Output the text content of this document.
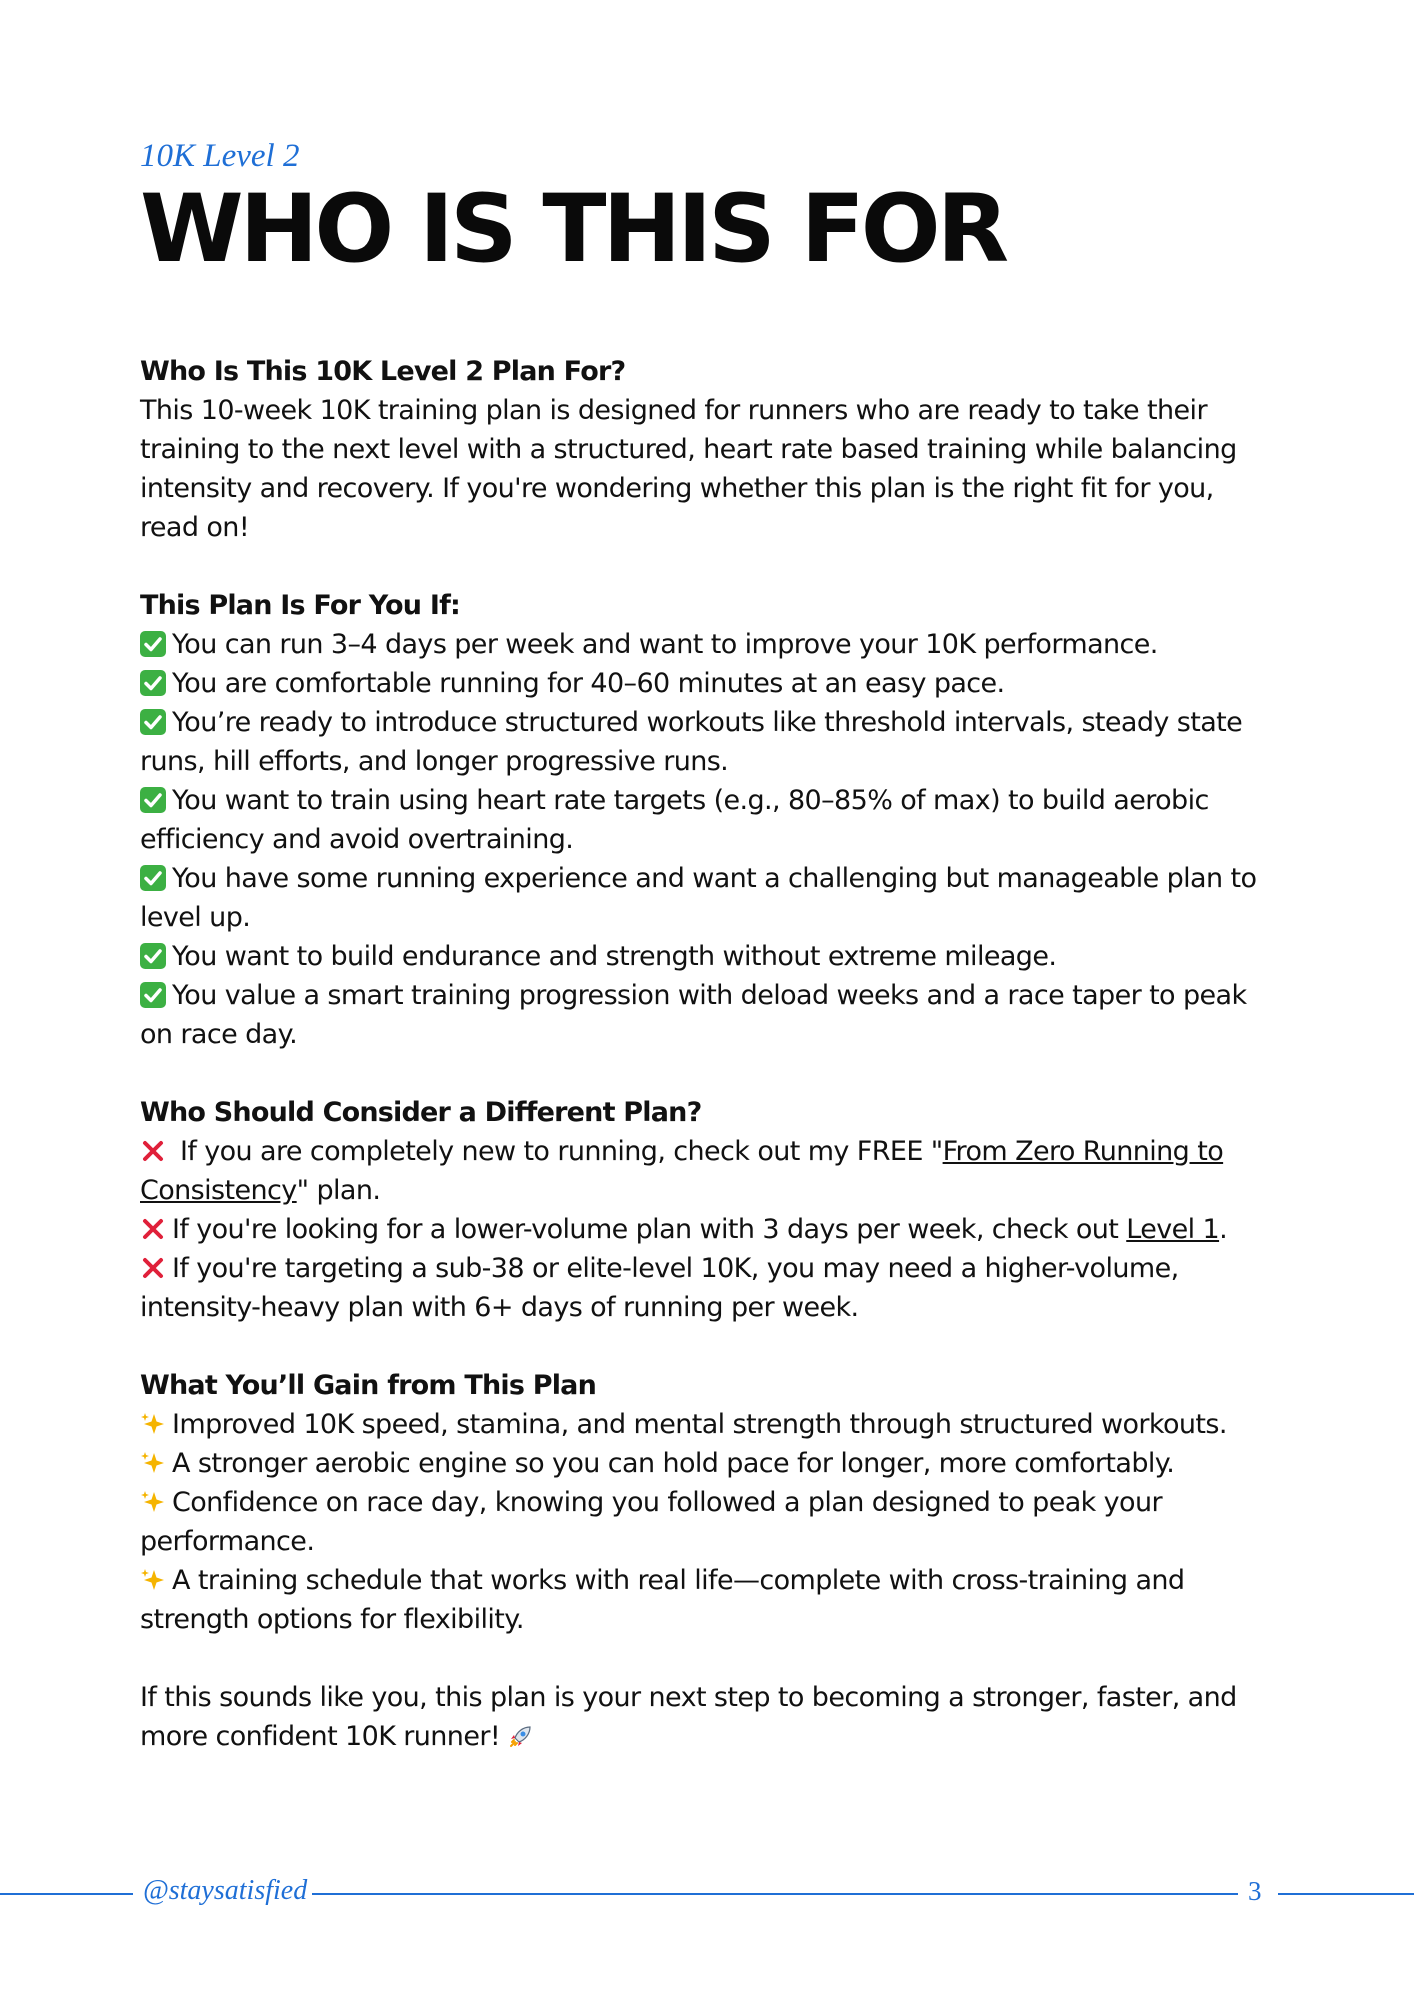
10K Level 2
WHO IS THIS FOR

Who Is This 10K Level 2 Plan For?

This 10-week 10K training plan is designed for runners who are ready to take their training to the next level with a structured, heart rate based training while balancing intensity and recovery. If you're wondering whether this plan is the right fit for you, read on!

This Plan Is For You If:

You can run 3–4 days per week and want to improve your 10K performance.

You are comfortable running for 40–60 minutes at an easy pace.

You’re ready to introduce structured workouts like threshold intervals, steady state runs, hill efforts, and longer progressive runs.

You want to train using heart rate targets (e.g., 80–85% of max) to build aerobic efficiency and avoid overtraining.

You have some running experience and want a challenging but manageable plan to level up.

You want to build endurance and strength without extreme mileage.

You value a smart training progression with deload weeks and a race taper to peak on race day.

Who Should Consider a Different Plan?

If you are completely new to running, check out my FREE "From Zero Running to Consistency" plan.

If you're looking for a lower-volume plan with 3 days per week, check out Level 1.

If you're targeting a sub-38 or elite-level 10K, you may need a higher-volume, intensity-heavy plan with 6+ days of running per week.

What You’ll Gain from This Plan

Improved 10K speed, stamina, and mental strength through structured workouts.

A stronger aerobic engine so you can hold pace for longer, more comfortably.

Confidence on race day, knowing you followed a plan designed to peak your performance.

A training schedule that works with real life—complete with cross-training and strength options for flexibility.

If this sounds like you, this plan is your next step to becoming a stronger, faster, and more confident 10K runner!

@staysatisfied	3
